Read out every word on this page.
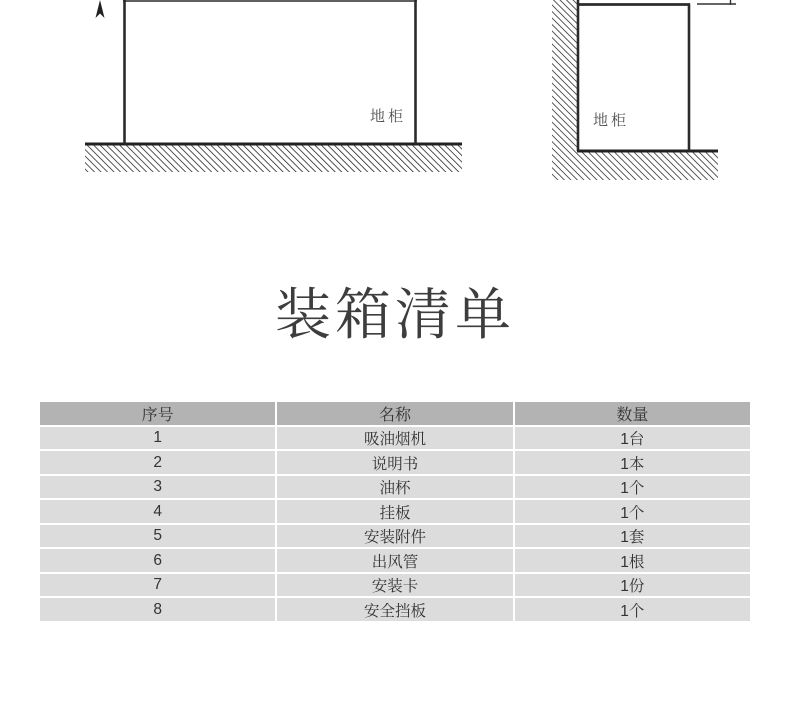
地柜	地柜
装箱清单
序号	名称	数量
1	吸油烟机	1台
2	说明书	1本
3	油杯	1个
4	挂板	1个
5	安装附件	1套
6	出风管	1根
7	安装卡	1份
8	安全挡板	1个
